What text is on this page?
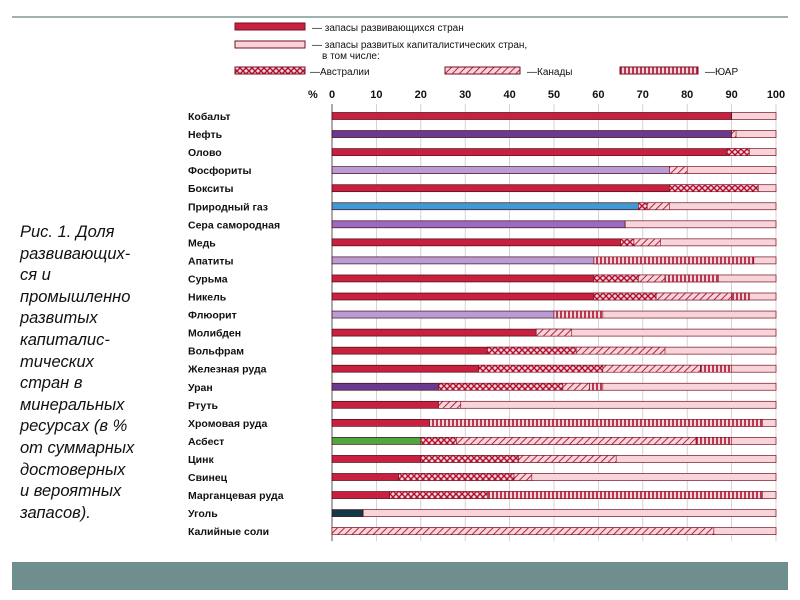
Рис. 1. Доля
развивающих-
ся и
промышленно
развитых
капиталис-
тических
стран в
минеральных
ресурсах (в %
от суммарных
достоверных
и вероятных
запасов).
— запасы развивающихся стран
— запасы развитых капиталистических стран,
в том числе:
—Австралии	—Канады	—ЮАР
% 0	10	20	30	40	50	60	70	80	90	100
Кобальт
Нефть
Олово
Фосфориты
Бокситы
Природный газ
Сера самородная
Медь
Апатиты
Сурьма
Никель
Флюорит
Молибден
Вольфрам
Железная руда
Уран
Ртуть
Хромовая руда
Асбест
Цинк
Свинец
Марганцевая руда
Уголь
Калийные соли
